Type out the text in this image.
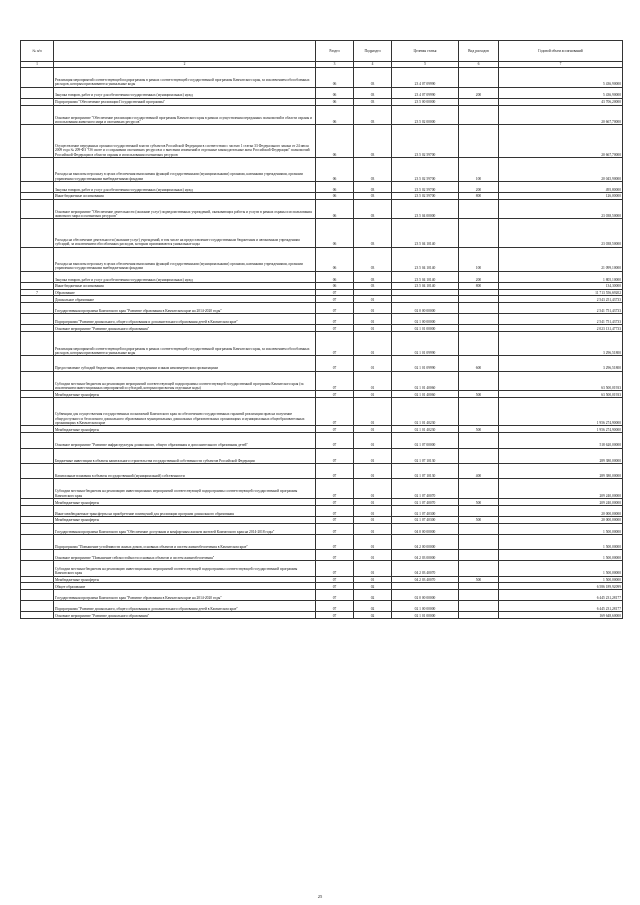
№ п/п		Раздел	Подраздел	Целевая статья	Вид расходов	Годовой объем ассигнований
1	2	3	4	5	6	7
	Реализация мероприятий соответствующей подпрограммы в рамках соответствующей государственной программы Камчатского края, за исключением обособленных расходов, которым присваиваются уникальные коды	06	03	23 4 07 09990		5 436,90000
	Закупка товаров, работ и услуг для обеспечения государственных (муниципальных) нужд	06	03	23 4 07 09990	200	5 436,90000
	Подпрограмма "Обеспечение реализации Государственной программы"	06	03	23 5 00 00000		43 706,20000
	Основное мероприятие "Обеспечение реализации государственной программы Камчатского края в рамках осуществления переданных полномочий в области охраны и использования животного мира и охотничьих ресурсов"	06	03	23 5 02 00000		20 667,70000
	Осуществление переданных органам государственной власти субъектов Российской Федерации в соответствии с частью 1 статьи 33 Федерального закона от 24 июля 2009 года № 209-ФЗ "Об охоте и о сохранении охотничьих ресурсов и о внесении изменений в отдельные законодательные акты Российской Федерации" полномочий Российской Федерации в области охраны и использования охотничьих ресурсов	06	03	23 5 02 59700		20 667,70000
	Расходы на выплаты персоналу в целях обеспечения выполнения функций государственными (муниципальными) органами, казенными учреждениями, органами управления государственными внебюджетными фондами	06	03	23 5 02 59700	100	20 045,90000
	Закупка товаров, работ и услуг для обеспечения государственных (муниципальных) нужд	06	03	23 5 02 59700	200	495,80000
	Иные бюджетные ассигнования	06	03	23 5 02 59700	800	126,00000
	Основное мероприятие "Обеспечение деятельности (оказание услуг) подведомственных учреждений, оказывающих работы и услуги в рамках охраны и использования животного мира и охотничьих ресурсов"	06	03	23 5 04 00000		23 038,50000
	Расходы на обеспечение деятельности (оказание услуг) учреждений, в том числе на предоставление государственным бюджетным и автономным учреждениям субсидий, за исключением обособленных расходов, которым присваиваются уникальные коды	06	03	23 5 04 10140		23 038,50000
	Расходы на выплаты персоналу в целях обеспечения выполнения функций государственными (муниципальными) органами, казенными учреждениями, органами управления государственными внебюджетными фондами	06	03	23 5 04 10140	100	21 099,10000
	Закупка товаров, работ и услуг для обеспечения государственных (муниципальных) нужд	06	03	23 5 04 10140	200	1 805,10000
	Иные бюджетные ассигнования	06	03	23 5 04 10140	800	134,30000
7	Образование	07				11 713 556,69202
	Дошкольное образование	07	01			2 543 251,43733
	Государственная программа Камчатского края "Развитие образования в Камчатском крае на 2014-2020 годы"	07	01	02 0 00 00000		2 541 751,43733
	Подпрограмма "Развитие дошкольного, общего образования и дополнительного образования детей в Камчатском крае"	07	01	02 1 00 00000		2 541 751,43733
	Основное мероприятие "Развитие дошкольного образования"	07	01	02 1 01 00000		2 023 131,47733
	Реализация мероприятий соответствующей подпрограммы в рамках соответствующей государственной программы Камчатского края, за исключением обособленных расходов, которым присваиваются уникальные коды	07	01	02 1 01 09990		3 296,51800
	Предоставление субсидий бюджетным, автономным учреждениям и иным некоммерческим организациям	07	01	02 1 01 09990	600	3 296,51800
	Субсидии местным бюджетам на реализацию мероприятий соответствующей подпрограммы соответствующей государственной программы Камчатского края (за исключением инвестиционных мероприятий и субсидий, которым присвоены отдельные коды)	07	01	02 1 01 40060		63 500,01933
	Межбюджетные трансферты	07	01	02 1 01 40060	500	63 500,01933
	Субвенции для осуществления государственных полномочий Камчатского края по обеспечению государственных гарантий реализации прав на получение общедоступного и бесплатного дошкольного образования в муниципальных дошкольных образовательных организациях и муниципальных общеобразовательных организациях в Камчатском крае	07	01	02 1 01 40230		1 956 274,90000
	Межбюджетные трансферты	07	01	02 1 01 40230	500	1 956 274,90000
	Основное мероприятие "Развитие инфраструктуры дошкольного, общего образования и дополнительного образования детей"	07	01	02 1 07 00000		518 620,00000
	Бюджетные инвестиции в объекты капитального строительства государственной собственности субъектов Российской Федерации	07	01	02 1 07 10130		289 380,00000
	Капитальные вложения в объекты государственной (муниципальной) собственности	07	01	02 1 07 10130	400	289 380,00000
	Субсидии местным бюджетам на реализацию инвестиционных мероприятий соответствующей подпрограммы соответствующей государственной программы Камчатского края	07	01	02 1 07 40070		209 240,00000
	Межбюджетные трансферты	07	01	02 1 07 40070	500	209 240,00000
	Иные межбюджетные трансферты на приобретение помещений для реализации программ дошкольного образования	07	01	02 1 07 40300		20 000,00000
	Межбюджетные трансферты	07	01	02 1 07 40300	500	20 000,00000
	Государственная программа Камчатского края "Обеспечение доступным и комфортным жильем жителей Камчатского края на 2014-2018 годы"	07	01	04 0 00 00000		1 500,00000
	Подпрограмма "Повышение устойчивости жилых домов, основных объектов и систем жизнеобеспечения в Камчатском крае"	07	01	04 2 00 00000		1 500,00000
	Основное мероприятие "Повышение сейсмостойкости основных объектов и систем жизнеобеспечения"	07	01	04 2 03 00000		1 500,00000
	Субсидии местным бюджетам на реализацию инвестиционных мероприятий соответствующей подпрограммы соответствующей государственной программы Камчатского края	07	01	04 2 03 40070		1 500,00000
	Межбюджетные трансферты	07	01	04 2 03 40070	500	1 500,00000
	Общее образование	07	02			6 586 189,92099
	Государственная программа Камчатского края "Развитие образования в Камчатском крае на 2014-2020 годы"	07	02	02 0 00 00000		6 445 231,28177
	Подпрограмма "Развитие дошкольного, общего образования и дополнительного образования детей в Камчатском крае"	07	02	02 1 00 00000		6 445 231,28177
	Основное мероприятие "Развитие дошкольного образования"	07	02	02 1 01 00000		169 648,60000
25
